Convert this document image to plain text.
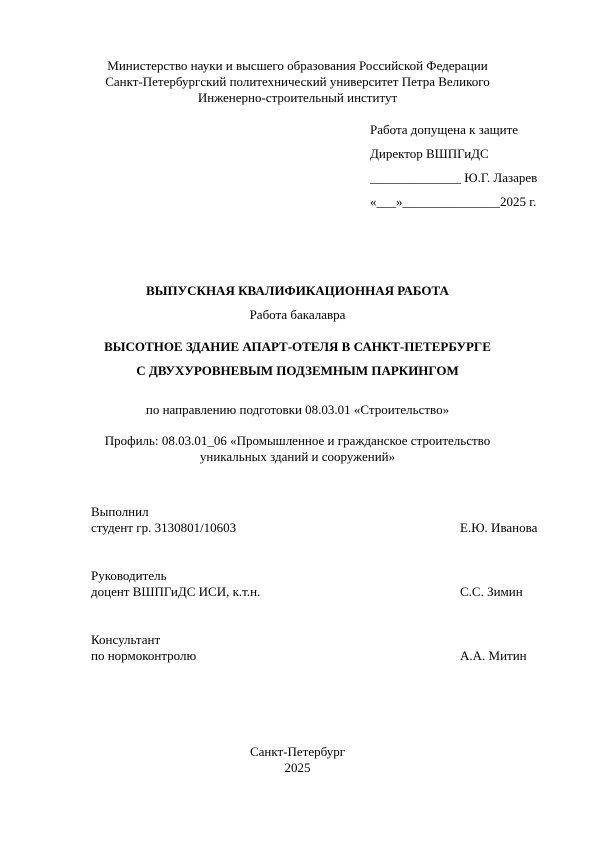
Министерство науки и высшего образования Российской Федерации
Санкт-Петербургский политехнический университет Петра Великого
Инженерно-строительный институт
Работа допущена к защите
Директор ВШПГиДС
______________ Ю.Г. Лазарев
«___»_______________2025 г.
ВЫПУСКНАЯ КВАЛИФИКАЦИОННАЯ РАБОТА
Работа бакалавра
ВЫСОТНОЕ ЗДАНИЕ АПАРТ-ОТЕЛЯ В САНКТ-ПЕТЕРБУРГЕ
С ДВУХУРОВНЕВЫМ ПОДЗЕМНЫМ ПАРКИНГОМ
по направлению подготовки 08.03.01 «Строительство»
Профиль: 08.03.01_06 «Промышленное и гражданское строительство
уникальных зданий и сооружений»
Выполнил
студент гр. 3130801/10603	Е.Ю. Иванова
Руководитель
доцент ВШПГиДС ИСИ, к.т.н.	С.С. Зимин
Консультант
по нормоконтролю	А.А. Митин
Санкт-Петербург
2025
